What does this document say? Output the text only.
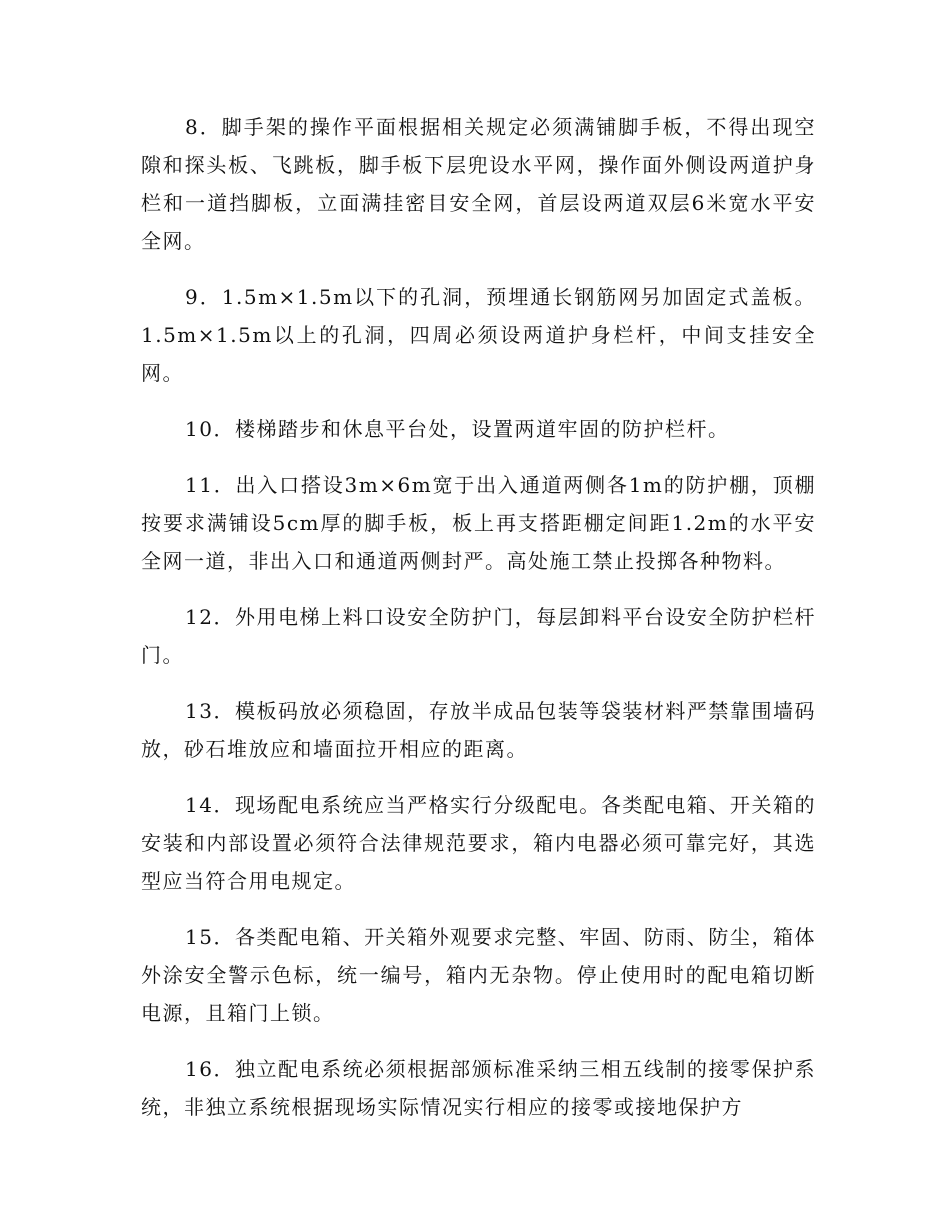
8．脚手架的操作平面根据相关规定必须满铺脚手板，不得出现空隙和探头板、飞跳板，脚手板下层兜设水平网，操作面外侧设两道护身栏和一道挡脚板，立面满挂密目安全网，首层设两道双层6米宽水平安全网。

9．1.5m×1.5m以下的孔洞，预埋通长钢筋网另加固定式盖板。1.5m×1.5m以上的孔洞，四周必须设两道护身栏杆，中间支挂安全网。

10．楼梯踏步和休息平台处，设置两道牢固的防护栏杆。

11．出入口搭设3m×6m宽于出入通道两侧各1m的防护棚，顶棚按要求满铺设5cm厚的脚手板，板上再支搭距棚定间距1.2m的水平安全网一道，非出入口和通道两侧封严。高处施工禁止投掷各种物料。

12．外用电梯上料口设安全防护门，每层卸料平台设安全防护栏杆门。

13．模板码放必须稳固，存放半成品包装等袋装材料严禁靠围墙码放，砂石堆放应和墙面拉开相应的距离。

14．现场配电系统应当严格实行分级配电。各类配电箱、开关箱的安装和内部设置必须符合法律规范要求，箱内电器必须可靠完好，其选型应当符合用电规定。

15．各类配电箱、开关箱外观要求完整、牢固、防雨、防尘，箱体外涂安全警示色标，统一编号，箱内无杂物。停止使用时的配电箱切断电源，且箱门上锁。

16．独立配电系统必须根据部颁标准采纳三相五线制的接零保护系统，非独立系统根据现场实际情况实行相应的接零或接地保护方
